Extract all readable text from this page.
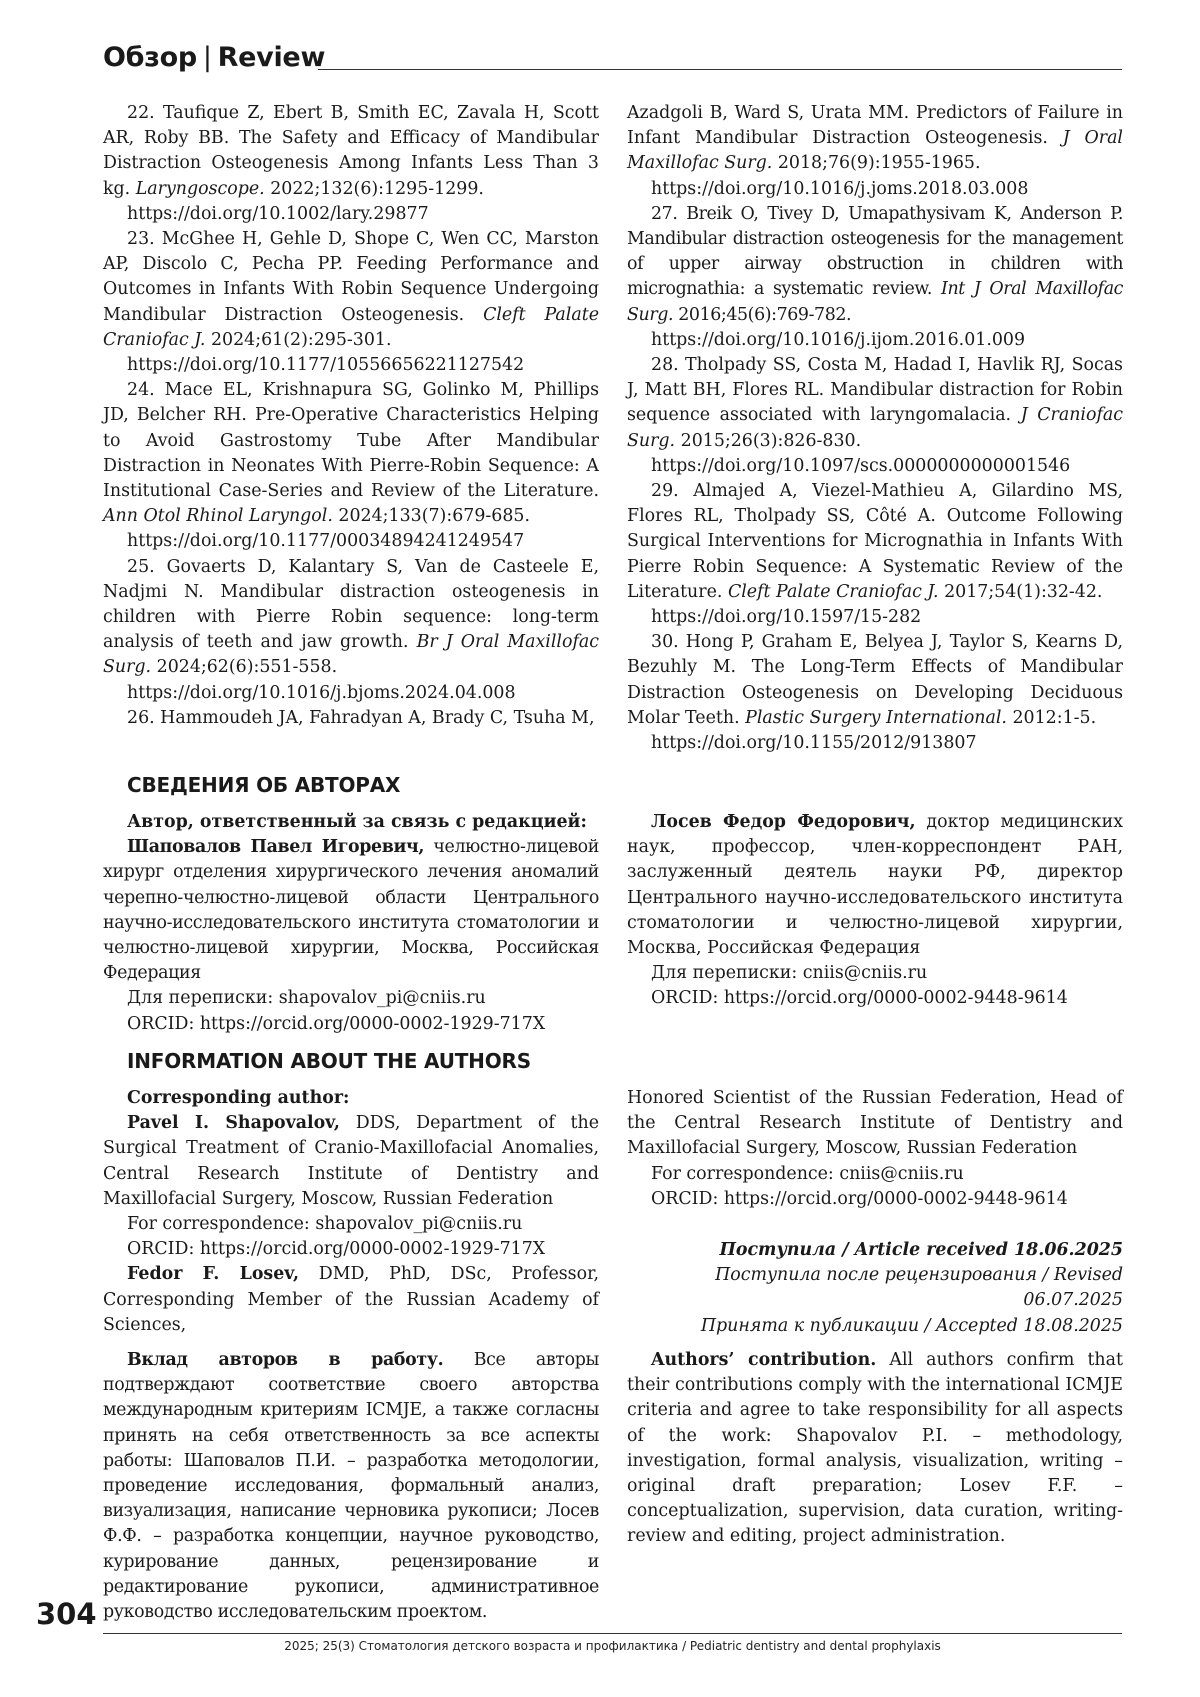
Обзор | Review

22. Taufique Z, Ebert B, Smith EC, Zavala H, Scott AR, Roby BB. The Safety and Efficacy of Mandibular Distraction Osteogenesis Among Infants Less Than 3 kg. Laryngoscope. 2022;132(6):1295-1299.

https://doi.org/10.1002/lary.29877

23. McGhee H, Gehle D, Shope C, Wen CC, Marston AP, Discolo C, Pecha PP. Feeding Performance and Outcomes in Infants With Robin Sequence Undergoing Mandibular Distraction Osteogenesis. Cleft Palate Craniofac J. 2024;61(2):295-301.

https://doi.org/10.1177/10556656221127542

24. Mace EL, Krishnapura SG, Golinko M, Phillips JD, Belcher RH. Pre-Operative Characteristics Helping to Avoid Gastrostomy Tube After Mandibular Distraction in Neonates With Pierre-Robin Sequence: A Institutional Case-Series and Review of the Literature. Ann Otol Rhinol Laryngol. 2024;133(7):679-685.

https://doi.org/10.1177/00034894241249547

25. Govaerts D, Kalantary S, Van de Casteele E, Nadjmi N. Mandibular distraction osteogenesis in children with Pierre Robin sequence: long-term analysis of teeth and jaw growth. Br J Oral Maxillofac Surg. 2024;62(6):551-558.

https://doi.org/10.1016/j.bjoms.2024.04.008

26. Hammoudeh JA, Fahradyan A, Brady C, Tsuha M,

Azadgoli B, Ward S, Urata MM. Predictors of Failure in Infant Mandibular Distraction Osteogenesis. J Oral Maxillofac Surg. 2018;76(9):1955-1965.

https://doi.org/10.1016/j.joms.2018.03.008

27. Breik O, Tivey D, Umapathysivam K, Anderson P. Mandibular distraction osteogenesis for the management of upper airway obstruction in children with micrognathia: a systematic review. Int J Oral Maxillofac Surg. 2016;45(6):769-782.

https://doi.org/10.1016/j.ijom.2016.01.009

28. Tholpady SS, Costa M, Hadad I, Havlik RJ, Socas J, Matt BH, Flores RL. Mandibular distraction for Robin sequence associated with laryngomalacia. J Craniofac Surg. 2015;26(3):826-830.

https://doi.org/10.1097/scs.0000000000001546

29. Almajed A, Viezel-Mathieu A, Gilardino MS, Flores RL, Tholpady SS, Côté A. Outcome Following Surgical Interventions for Micrognathia in Infants With Pierre Robin Sequence: A Systematic Review of the Literature. Cleft Palate Craniofac J. 2017;54(1):32-42.

https://doi.org/10.1597/15-282

30. Hong P, Graham E, Belyea J, Taylor S, Kearns D, Bezuhly M. The Long-Term Effects of Mandibular Distraction Osteogenesis on Developing Deciduous Molar Teeth. Plastic Surgery International. 2012:1-5.

https://doi.org/10.1155/2012/913807

СВЕДЕНИЯ ОБ АВТОРАХ

Автор, ответственный за связь с редакцией:

Шаповалов Павел Игоревич, челюстно-лицевой хирург отделения хирургического лечения аномалий черепно-челюстно-лицевой области Центрального научно-исследовательского института стоматологии и челюстно-лицевой хирургии, Москва, Российская Федерация

Для переписки: shapovalov_pi@cniis.ru

ORCID: https://orcid.org/0000-0002-1929-717X

Лосев Федор Федорович, доктор медицинских наук, профессор, член-корреспондент РАН, заслуженный деятель науки РФ, директор Центрального научно-исследовательского института стоматологии и челюстно-лицевой хирургии, Москва, Российская Федерация

Для переписки: cniis@cniis.ru

ORCID: https://orcid.org/0000-0002-9448-9614

INFORMATION ABOUT THE AUTHORS

Corresponding author:

Pavel I. Shapovalov, DDS, Department of the Surgical Treatment of Cranio-Maxillofacial Anomalies, Central Research Institute of Dentistry and Maxillofacial Surgery, Moscow, Russian Federation

For correspondence: shapovalov_pi@cniis.ru

ORCID: https://orcid.org/0000-0002-1929-717X

Fedor F. Losev, DMD, PhD, DSc, Professor, Corresponding Member of the Russian Academy of Sciences,

Honored Scientist of the Russian Federation, Head of the Central Research Institute of Dentistry and Maxillofacial Surgery, Moscow, Russian Federation

For correspondence: cniis@cniis.ru

ORCID: https://orcid.org/0000-0002-9448-9614

Поступила / Article received 18.06.2025
Поступила после рецензирования / Revised 06.07.2025
Принята к публикации / Accepted 18.08.2025

Вклад авторов в работу. Все авторы подтверждают соответствие своего авторства международным критериям ICMJE, а также согласны принять на себя ответственность за все аспекты работы: Шаповалов П.И. – разработка методологии, проведение исследования, формальный анализ, визуализация, написание черновика рукописи; Лосев Ф.Ф. – разработка концепции, научное руководство, курирование данных, рецензирование и редактирование рукописи, административное руководство исследовательским проектом.

Authors’ contribution. All authors confirm that their contributions comply with the international ICMJE criteria and agree to take responsibility for all aspects of the work: Shapovalov P.I. – methodology, investigation, formal analysis, visualization, writing – original draft preparation; Losev F.F. – conceptualization, supervision, data curation, writing-review and editing, project administration.

304
2025; 25(3) Стоматология детского возраста и профилактика / Pediatric dentistry and dental prophylaxis
